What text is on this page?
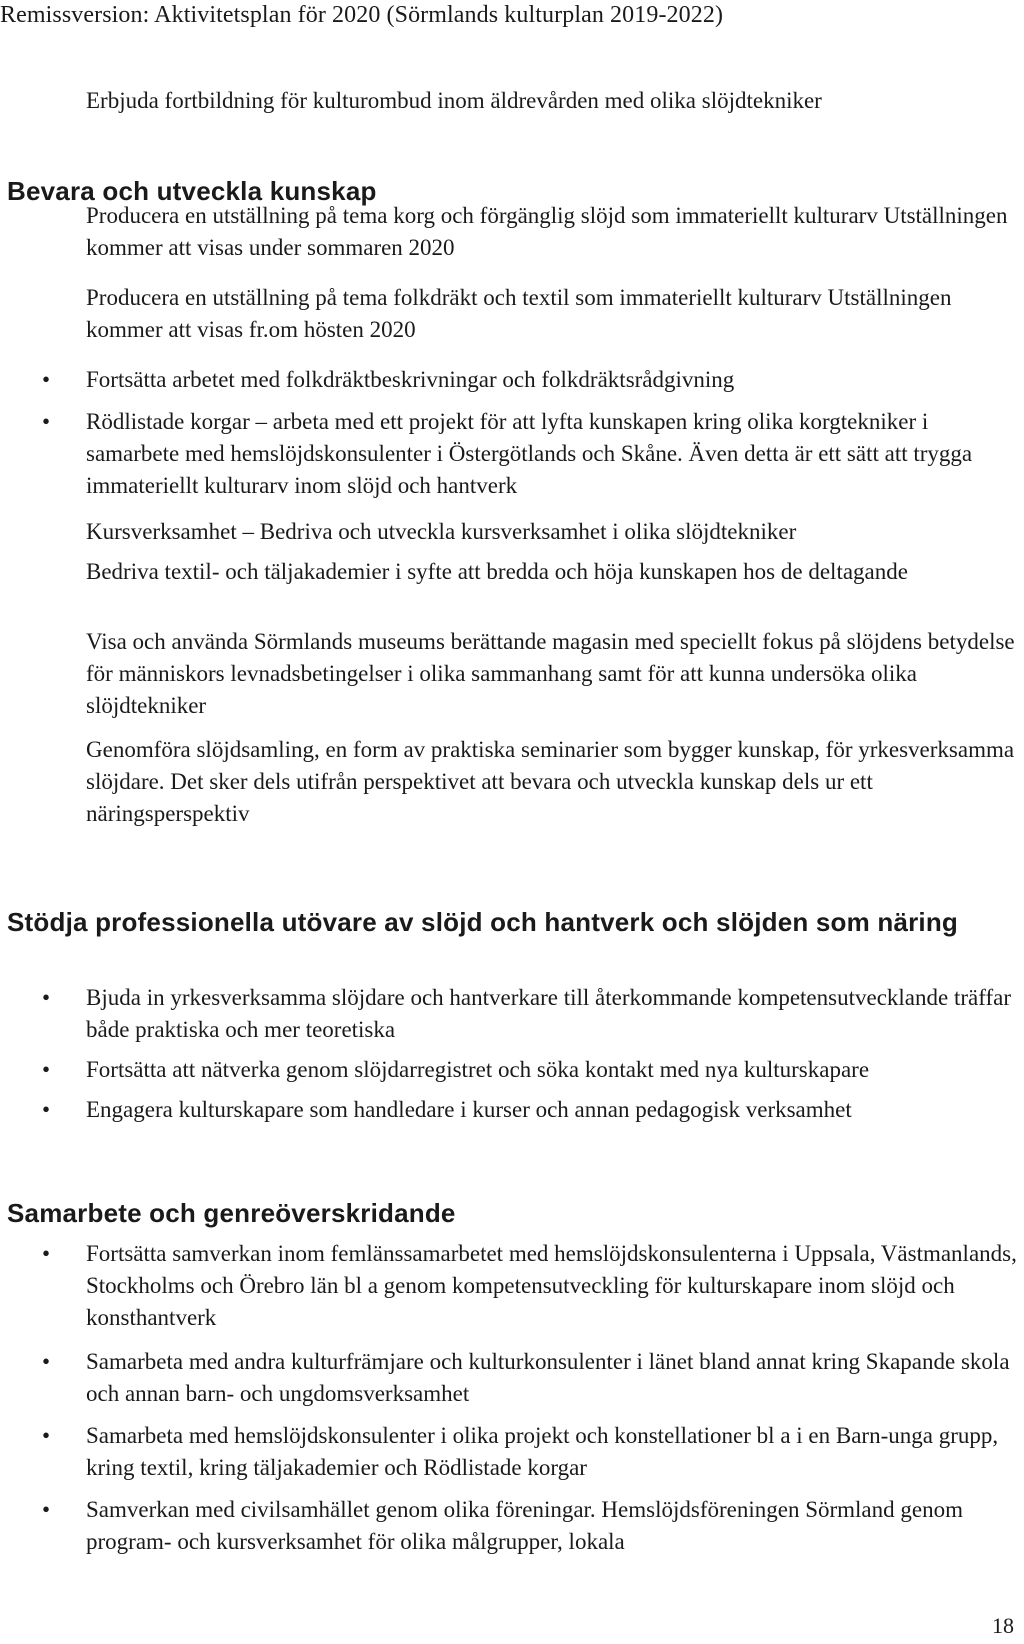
Remissversion: Aktivitetsplan för 2020 (Sörmlands kulturplan 2019-2022)
Erbjuda fortbildning för kulturombud inom äldrevården med olika slöjdtekniker
Bevara och utveckla kunskap
Producera en utställning på tema korg och förgänglig slöjd som immateriellt kulturarv Utställningen kommer att visas under sommaren 2020
Producera en utställning på tema folkdräkt och textil som immateriellt kulturarv Utställningen kommer att visas fr.om hösten 2020
• Fortsätta arbetet med folkdräktbeskrivningar och folkdräktsrådgivning
• Rödlistade korgar – arbeta med ett projekt för att lyfta kunskapen kring olika korgtekniker i samarbete med hemslöjdskonsulenter i Östergötlands och Skåne. Även detta är ett sätt att trygga immateriellt kulturarv inom slöjd och hantverk
Kursverksamhet – Bedriva och utveckla kursverksamhet i olika slöjdtekniker
Bedriva textil- och täljakademier i syfte att bredda och höja kunskapen hos de deltagande
Visa och använda Sörmlands museums berättande magasin med speciellt fokus på slöjdens betydelse för människors levnadsbetingelser i olika sammanhang samt för att kunna undersöka olika slöjdtekniker
Genomföra slöjdsamling, en form av praktiska seminarier som bygger kunskap, för yrkesverksamma slöjdare. Det sker dels utifrån perspektivet att bevara och utveckla kunskap dels ur ett näringsperspektiv
Stödja professionella utövare av slöjd och hantverk och slöjden som näring
• Bjuda in yrkesverksamma slöjdare och hantverkare till återkommande kompetensutvecklande träffar både praktiska och mer teoretiska
• Fortsätta att nätverka genom slöjdarregistret och söka kontakt med nya kulturskapare
• Engagera kulturskapare som handledare i kurser och annan pedagogisk verksamhet
Samarbete och genreöverskridande
• Fortsätta samverkan inom femlänssamarbetet med hemslöjdskonsulenterna i Uppsala, Västmanlands, Stockholms och Örebro län bl a genom kompetensutveckling för kulturskapare inom slöjd och konsthantverk
• Samarbeta med andra kulturfrämjare och kulturkonsulenter i länet bland annat kring Skapande skola och annan barn- och ungdomsverksamhet
• Samarbeta med hemslöjdskonsulenter i olika projekt och konstellationer bl a i en Barn-unga grupp, kring textil, kring täljakademier och Rödlistade korgar
• Samverkan med civilsamhället genom olika föreningar. Hemslöjdsföreningen Sörmland genom program- och kursverksamhet för olika målgrupper, lokala
18
